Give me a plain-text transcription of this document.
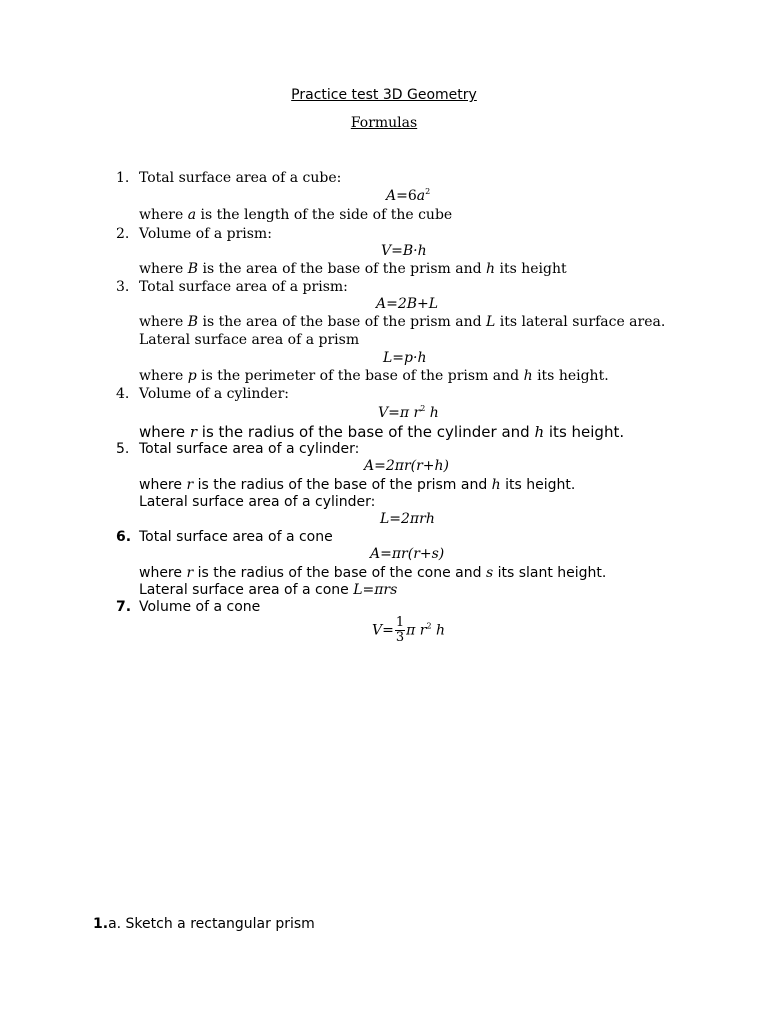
Practice test 3D Geometry
Formulas
1. Total surface area of a cube:
$A=6a^2$
where a is the length of the side of the cube
2. Volume of a prism:
V=B·h
where B is the area of the base of the prism and h its height
3. Total surface area of a prism:
A=2B+L
where B is the area of the base of the prism and L its lateral surface area.
Lateral surface area of a prism
L=p·h
where p is the perimeter of the base of the prism and h its height.
4. Volume of a cylinder:
V=π $r^2$ h
where r is the radius of the base of the cylinder and h its height.
5. Total surface area of a cylinder:
A=2πr(r+h)
where r is the radius of the base of the prism and h its height.
Lateral surface area of a cylinder:
L=2πrh
6. Total surface area of a cone
A=πr(r+s)
where r is the radius of the base of the cone and s its slant height.
Lateral surface area of a cone L=πrs
7. Volume of a cone
$V= \frac{1}{3}$ π $r^2$ h
1.a. Sketch a rectangular prism
